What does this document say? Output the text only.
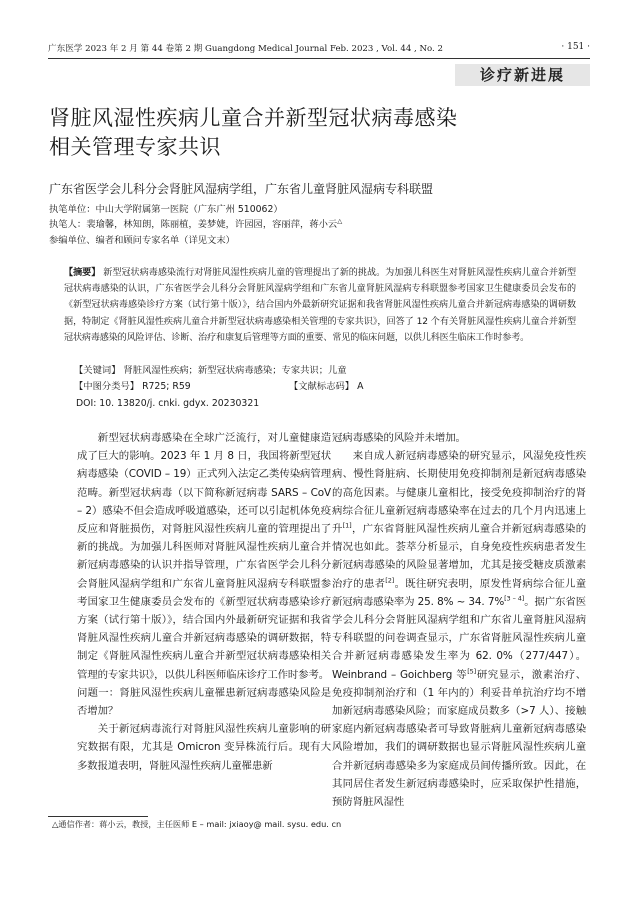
广东医学 2023 年 2 月 第 44 卷第 2 期 Guangdong Medical Journal Feb. 2023 , Vol. 44 , No. 2	· 151 ·
诊疗新进展
肾脏风湿性疾病儿童合并新型冠状病毒感染
相关管理专家共识
广东省医学会儿科分会肾脏风湿病学组，广东省儿童肾脏风湿病专科联盟
执笔单位：中山大学附属第一医院（广东广州 510062）
执笔人：裴瑜馨，林知朗，陈丽植，姜梦婕，许园园，容丽萍，蒋小云△
参编单位、编者和顾问专家名单（详见文末）
【摘要】 新型冠状病毒感染流行对肾脏风湿性疾病儿童的管理提出了新的挑战。为加强儿科医生对肾脏风湿性疾病儿童合并新型冠状病毒感染的认识，广东省医学会儿科分会肾脏风湿病学组和广东省儿童肾脏风湿病专科联盟参考国家卫生健康委员会发布的《新型冠状病毒感染诊疗方案（试行第十版）》，结合国内外最新研究证据和我省肾脏风湿性疾病儿童合并新冠病毒感染的调研数据，特制定《肾脏风湿性疾病儿童合并新型冠状病毒感染相关管理的专家共识》，回答了 12 个有关肾脏风湿性疾病儿童合并新型冠状病毒感染的风险评估、诊断、治疗和康复后管理等方面的重要、常见的临床问题，以供儿科医生临床工作时参考。
【关键词】 肾脏风湿性疾病；新型冠状病毒感染；专家共识；儿童
【中图分类号】 R725; R59	【文献标志码】 A
DOI: 10. 13820/j. cnki. gdyx. 20230321

新型冠状病毒感染在全球广泛流行，对儿童健康造成了巨大的影响。2023 年 1 月 8 日，我国将新型冠状病毒感染（COVID – 19）正式列入法定乙类传染病管理范畴。新型冠状病毒（以下简称新冠病毒 SARS – CoV – 2）感染不但会造成呼吸道感染，还可以引起机体免疫反应和肾脏损伤，对肾脏风湿性疾病儿童的管理提出了新的挑战。为加强儿科医师对肾脏风湿性疾病儿童合并新冠病毒感染的认识并指导管理，广东省医学会儿科分会肾脏风湿病学组和广东省儿童肾脏风湿病专科联盟参考国家卫生健康委员会发布的《新型冠状病毒感染诊疗方案（试行第十版）》，结合国内外最新研究证据和我省肾脏风湿性疾病儿童合并新冠病毒感染的调研数据，特制定《肾脏风湿性疾病儿童合并新型冠状病毒感染相关管理的专家共识》，以供儿科医师临床诊疗工作时参考。

问题一：肾脏风湿性疾病儿童罹患新冠病毒感染风险是否增加？

关于新冠病毒流行对肾脏风湿性疾病儿童影响的研究数据有限，尤其是 Omicron 变异株流行后。现有大多数报道表明，肾脏风湿性疾病儿童罹患新

冠病毒感染的风险并未增加。

来自成人新冠病毒感染的研究显示，风湿免疫性疾病、慢性肾脏病、长期使用免疫抑制剂是新冠病毒感染的高危因素。与健康儿童相比，接受免疫抑制治疗的肾病综合征儿童新冠病毒感染率在过去的几个月内迅速上升[1]，广东省肾脏风湿性疾病儿童合并新冠病毒感染的情况也如此。荟萃分析显示，自身免疫性疾病患者发生新冠病毒感染的风险显著增加，尤其是接受糖皮质激素治疗的患者[2]。既往研究表明，原发性肾病综合征儿童新冠病毒感染率为 25. 8% ~ 34. 7%[3 – 4]。据广东省医学会儿科分会肾脏风湿病学组和广东省儿童肾脏风湿病专科联盟的问卷调查显示，广东省肾脏风湿性疾病儿童合并新冠病毒感染发生率为 62. 0%（277/447）。Weinbrand – Goichberg 等[5]研究显示，激素治疗、免疫抑制剂治疗和（1 年内的）利妥昔单抗治疗均不增加新冠病毒感染风险；而家庭成员数多（>7 人）、接触家庭内新冠病毒感染者可导致肾脏病儿童新冠病毒感染风险增加，我们的调研数据也显示肾脏风湿性疾病儿童合并新冠病毒感染多为家庭成员间传播所致。因此，在其同居住者发生新冠病毒感染时，应采取保护性措施，预防肾脏风湿性

△通信作者：蒋小云，教授，主任医师 E – mail: jxiaoy@ mail. sysu. edu. cn
